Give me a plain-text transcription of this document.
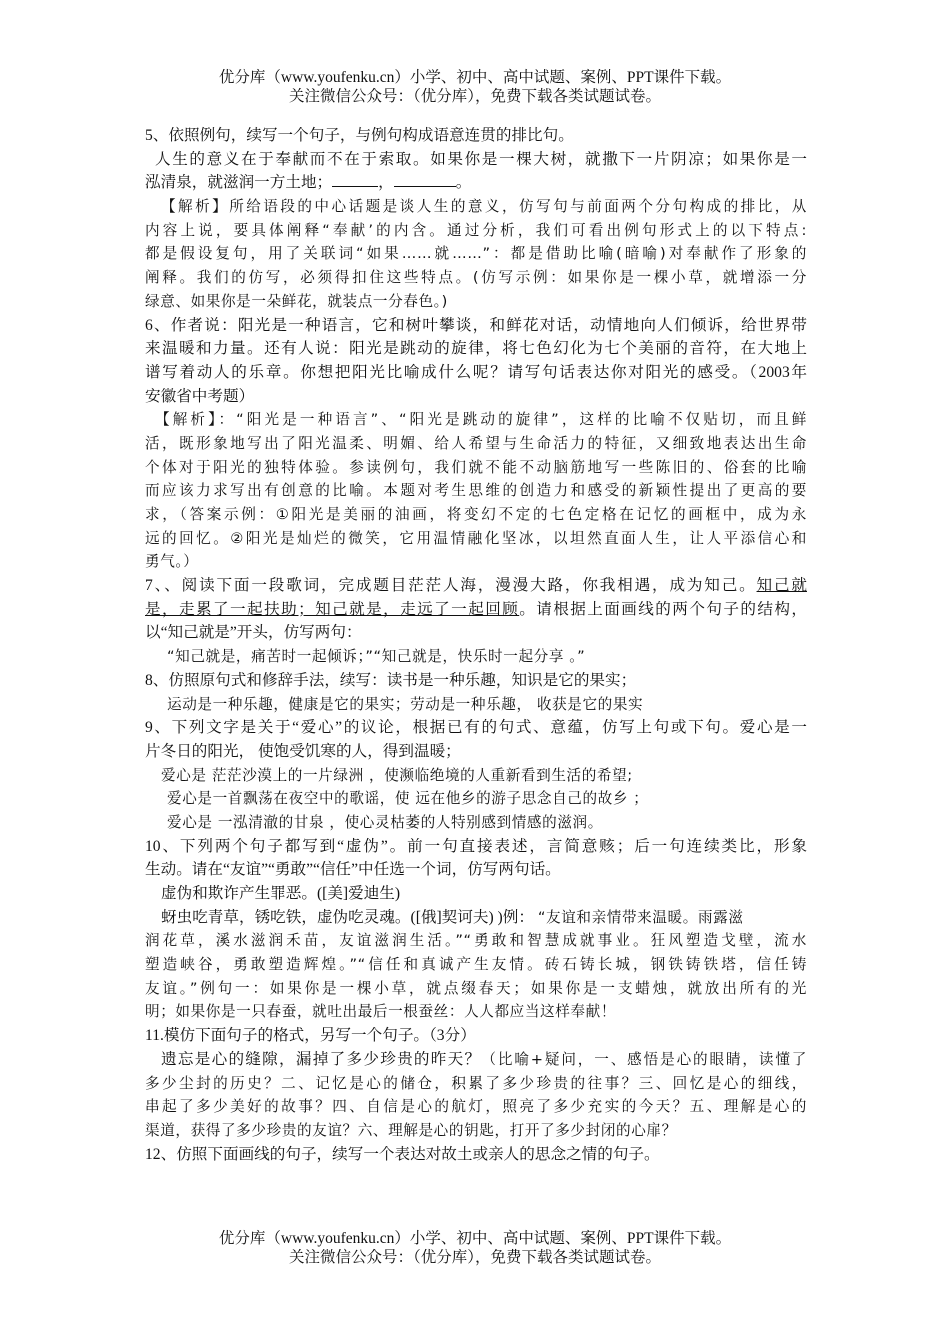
优分库（www.youfenku.cn）小学、初中、高中试题、案例、PPT课件下载。
关注微信公众号：（优分库），免费下载各类试题试卷。
5、依照例句，续写一个句子，与例句构成语意连贯的排比句。
人生的意义在于奉献而不在于索取。如果你是一棵大树，就撒下一片阴凉；如果你是一
泓清泉，就滋润一方土地；	，	。
【解析】所给语段的中心话题是谈人生的意义，仿写句与前面两个分句构成的排比，从
内容上说，要具体阐释“奉献’的内含。通过分析，我们可看出例句形式上的以下特点:
都是假设复句，用了关联词“如果……就……”：都是借助比喻(暗喻)对奉献作了形象的
阐释。我们的仿写，必须得扣住这些特点。(仿写示例：如果你是一棵小草，就增添一分
绿意、如果你是一朵鲜花，就装点一分春色。)
6、作者说：阳光是一种语言，它和树叶攀谈，和鲜花对话，动情地向人们倾诉，给世界带
来温暖和力量。还有人说：阳光是跳动的旋律，将七色幻化为七个美丽的音符，在大地上
谱写着动人的乐章。你想把阳光比喻成什么呢？请写句话表达你对阳光的感受。（2003年
安徽省中考题）
【解析】：“阳光是一种语言”、“阳光是跳动的旋律”，这样的比喻不仅贴切，而且鲜
活，既形象地写出了阳光温柔、明媚、给人希望与生命活力的特征，又细致地表达出生命
个体对于阳光的独特体验。参读例句，我们就不能不动脑筋地写一些陈旧的、俗套的比喻
而应该力求写出有创意的比喻。本题对考生思维的创造力和感受的新颖性提出了更高的要
求，（答案示例：①阳光是美丽的油画，将变幻不定的七色定格在记忆的画框中，成为永
远的回忆。②阳光是灿烂的微笑，它用温情融化坚冰，以坦然直面人生，让人平添信心和
勇气。）
7、、阅读下面一段歌词，完成题目茫茫人海，漫漫大路，你我相遇，成为知己。知己就
是，走累了一起扶助；知己就是，走远了一起回顾。请根据上面画线的两个句子的结构，
以“知己就是”开头，仿写两句：
“知己就是，痛苦时一起倾诉；”“知己就是，快乐时一起分享 。”
8、仿照原句式和修辞手法，续写：读书是一种乐趣，知识是它的果实；
运动是一种乐趣，健康是它的果实；劳动是一种乐趣， 收获是它的果实
9、下列文字是关于“爱心”的议论，根据已有的句式、意蕴，仿写上句或下句。爱心是一
片冬日的阳光， 使饱受饥寒的人，得到温暖；
爱心是 茫茫沙漠上的一片绿洲 ，使濒临绝境的人重新看到生活的希望;
爱心是一首飘荡在夜空中的歌谣，使 远在他乡的游子思念自己的故乡 ；
爱心是 一泓清澈的甘泉 ，使心灵枯萎的人特别感到情感的滋润。
10、下列两个句子都写到“虚伪”。前一句直接表述，言简意赅；后一句连续类比，形象
生动。请在“友谊”“勇敢”“信任”中任选一个词，仿写两句话。
虚伪和欺诈产生罪恶。([美]爱迪生)
蚜虫吃青草，锈吃铁，虚伪吃灵魂。([俄]契诃夫) )例： “友谊和亲情带来温暖。雨露滋
润花草，溪水滋润禾苗，友谊滋润生活。”“勇敢和智慧成就事业。狂风塑造戈壁，流水
塑造峡谷，勇敢塑造辉煌。”“信任和真诚产生友情。砖石铸长城，钢铁铸铁塔，信任铸
友谊。”例句一：如果你是一棵小草，就点缀春天；如果你是一支蜡烛，就放出所有的光
明；如果你是一只春蚕，就吐出最后一根蚕丝：人人都应当这样奉献！
11.模仿下面句子的格式，另写一个句子。（3分）
遗忘是心的缝隙，漏掉了多少珍贵的昨天？（比喻+疑问，一、感悟是心的眼睛，读懂了
多少尘封的历史？二、记忆是心的储仓，积累了多少珍贵的往事？三、回忆是心的细线，
串起了多少美好的故事？四、自信是心的航灯，照亮了多少充实的今天？五、理解是心的
渠道，获得了多少珍贵的友谊？六、理解是心的钥匙，打开了多少封闭的心扉？
12、仿照下面画线的句子，续写一个表达对故土或亲人的思念之情的句子。
优分库（www.youfenku.cn）小学、初中、高中试题、案例、PPT课件下载。
关注微信公众号：（优分库），免费下载各类试题试卷。
